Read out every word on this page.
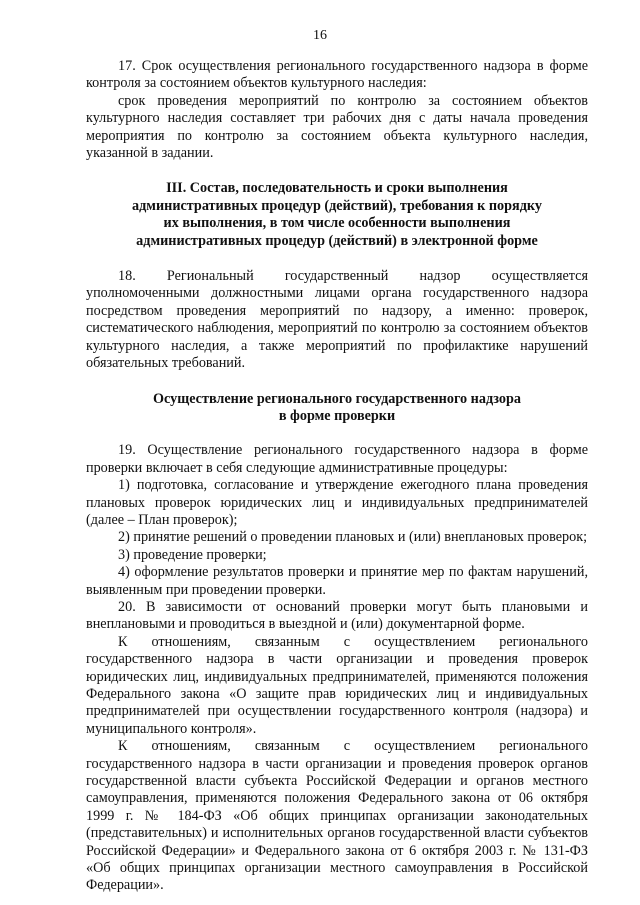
16

17. Срок осуществления регионального государственного надзора в форме контроля за состоянием объектов культурного наследия:

срок проведения мероприятий по контролю за состоянием объектов культурного наследия составляет три рабочих дня с даты начала проведения мероприятия по контролю за состоянием объекта культурного наследия, указанной в задании.

III. Состав, последовательность и сроки выполнения

административных процедур (действий), требования к порядку

их выполнения, в том числе особенности выполнения

административных процедур (действий) в электронной форме

18. Региональный государственный надзор осуществляется уполномоченными должностными лицами органа государственного надзора посредством проведения мероприятий по надзору, а именно: проверок, систематического наблюдения, мероприятий по контролю за состоянием объектов культурного наследия, а также мероприятий по профилактике нарушений обязательных требований.

Осуществление регионального государственного надзора

в форме проверки

19. Осуществление регионального государственного надзора в форме проверки включает в себя следующие административные процедуры:

1) подготовка, согласование и утверждение ежегодного плана проведения плановых проверок юридических лиц и индивидуальных предпринимателей (далее – План проверок);

2) принятие решений о проведении плановых и (или) внеплановых проверок;

3) проведение проверки;

4) оформление результатов проверки и принятие мер по фактам нарушений, выявленным при проведении проверки.

20. В зависимости от оснований проверки могут быть плановыми и внеплановыми и проводиться в выездной и (или) документарной форме.

К отношениям, связанным с осуществлением регионального государственного надзора в части организации и проведения проверок юридических лиц, индивидуальных предпринимателей, применяются положения Федерального закона «О защите прав юридических лиц и индивидуальных предпринимателей при осуществлении государственного контроля (надзора) и муниципального контроля».

К отношениям, связанным с осуществлением регионального государственного надзора в части организации и проведения проверок органов государственной власти субъекта Российской Федерации и органов местного самоуправления, применяются положения Федерального закона от 06 октября 1999 г. № 184-ФЗ «Об общих принципах организации законодательных (представительных) и исполнительных органов государственной власти субъектов Российской Федерации» и Федерального закона от 6 октября 2003 г. № 131-ФЗ «Об общих принципах организации местного самоуправления в Российской Федерации».
